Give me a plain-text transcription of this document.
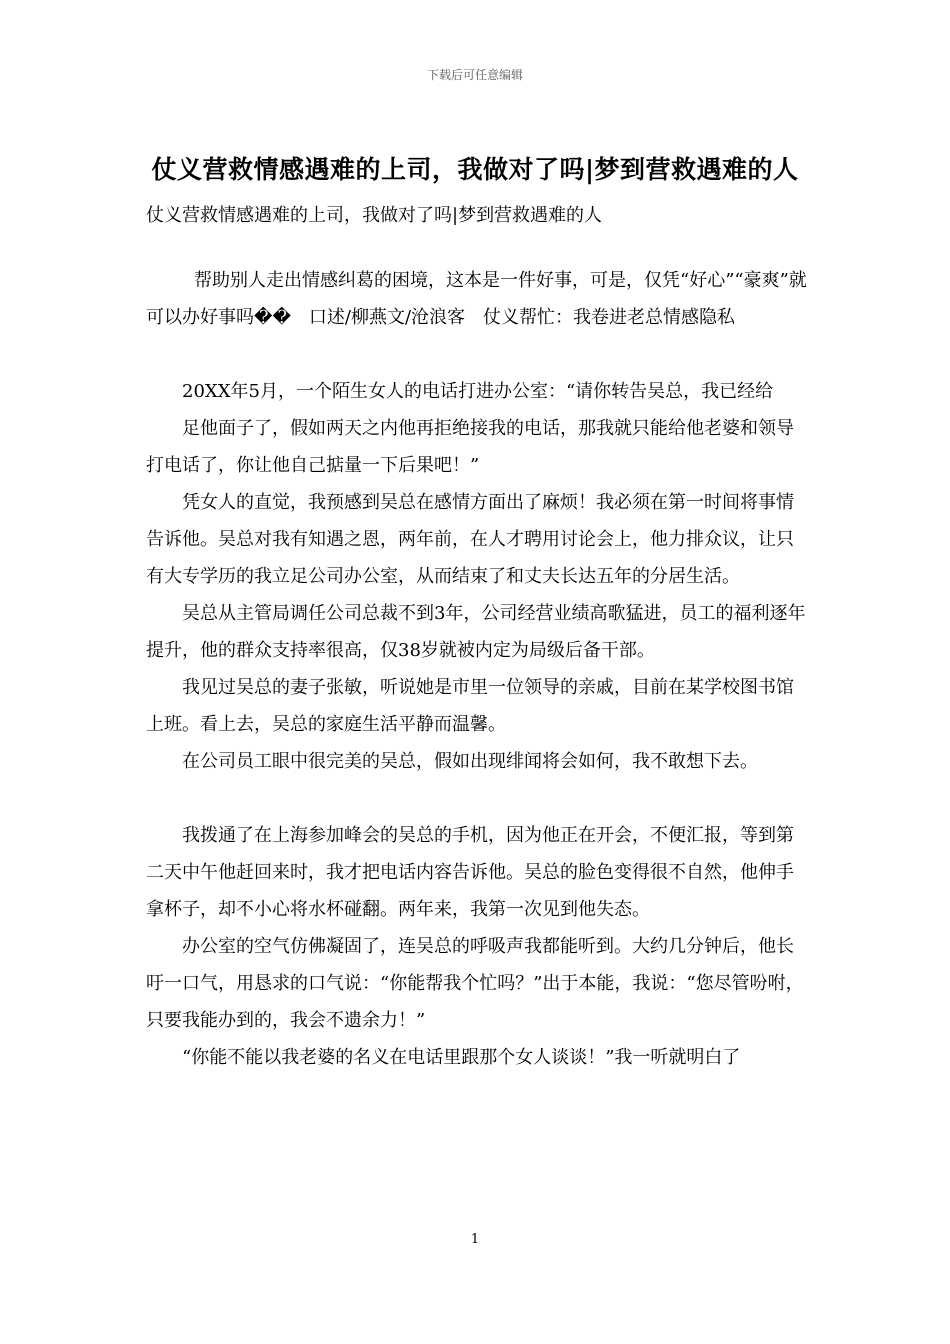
下载后可任意编辑
仗义营救情感遇难的上司，我做对了吗|梦到营救遇难的人
仗义营救情感遇难的上司，我做对了吗|梦到营救遇难的人

帮助别人走出情感纠葛的困境，这本是一件好事，可是，仅凭“好心”“豪爽”就可以办好事吗��　口述/柳燕文/沧浪客　仗义帮忙：我卷进老总情感隐私

20XX年5月，一个陌生女人的电话打进办公室：“请你转告吴总，我已经给

足他面子了，假如两天之内他再拒绝接我的电话，那我就只能给他老婆和领导打电话了，你让他自己掂量一下后果吧！”

凭女人的直觉，我预感到吴总在感情方面出了麻烦！我必须在第一时间将事情告诉他。吴总对我有知遇之恩，两年前，在人才聘用讨论会上，他力排众议，让只有大专学历的我立足公司办公室，从而结束了和丈夫长达五年的分居生活。

吴总从主管局调任公司总裁不到3年，公司经营业绩高歌猛进，员工的福利逐年提升，他的群众支持率很高，仅38岁就被内定为局级后备干部。

我见过吴总的妻子张敏，听说她是市里一位领导的亲戚，目前在某学校图书馆上班。看上去，吴总的家庭生活平静而温馨。

在公司员工眼中很完美的吴总，假如出现绯闻将会如何，我不敢想下去。

我拨通了在上海参加峰会的吴总的手机，因为他正在开会，不便汇报，等到第二天中午他赶回来时，我才把电话内容告诉他。吴总的脸色变得很不自然，他伸手拿杯子，却不小心将水杯碰翻。两年来，我第一次见到他失态。

办公室的空气仿佛凝固了，连吴总的呼吸声我都能听到。大约几分钟后，他长吁一口气，用恳求的口气说：“你能帮我个忙吗？”出于本能，我说：“您尽管吩咐，只要我能办到的，我会不遗余力！”

“你能不能以我老婆的名义在电话里跟那个女人谈谈！”我一听就明白了

1
